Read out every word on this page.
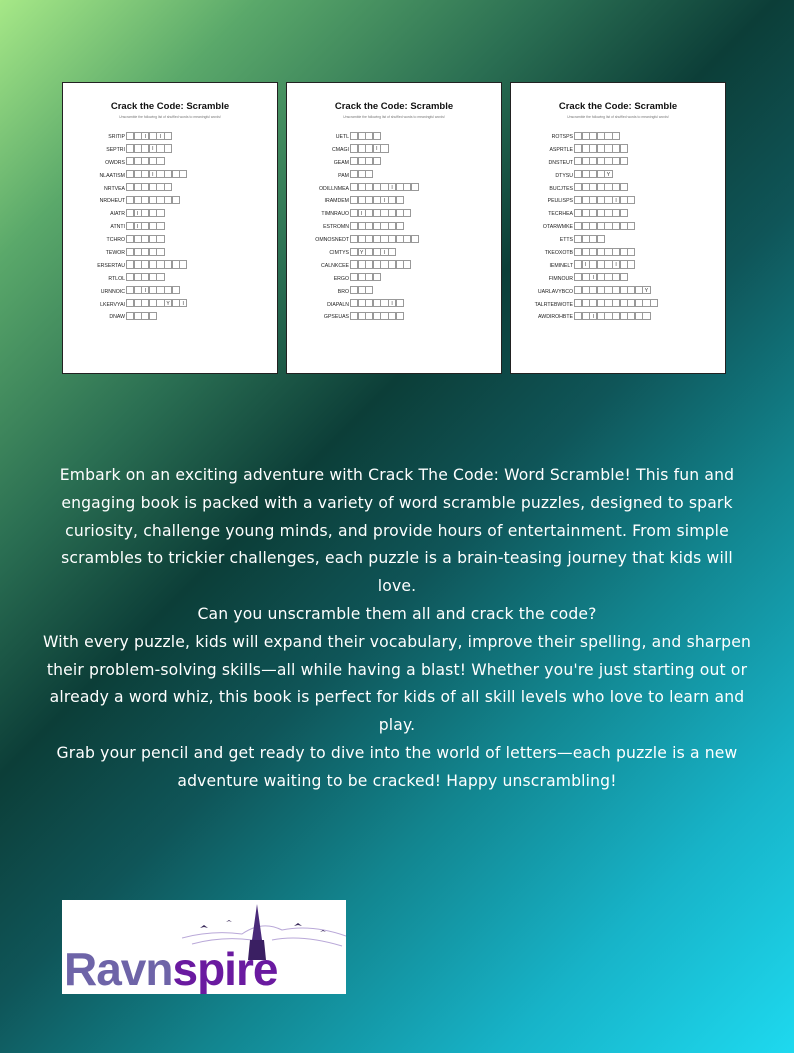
Crack the Code: Scramble
Unscramble the following list of shuffled words to meaningful words!
SRITIP	I	I
SEPTRI	I
OWDRS
NLAATISM	I
NRTVEA
NRDHEUT
AIATR	I
ATNTI	I
TCHRO
TEWOR
ERSERTAU
RTLOL
URNNOIC	I
LKERVYAI	Y	I
DNAW
Crack the Code: Scramble
Unscramble the following list of shuffled words to meaningful words!
UETL
CMAGI	I
GEAM
PAM
ODILLNMEA	I
IRAMDEM	I
TIMNRAUO	I
ESTROMN
OMNOSNEDT
CIMTYS	Y	I
CALNKCEE
ERGO
BRO
DIAPALN	I
GPSEUAS
Crack the Code: Scramble
Unscramble the following list of shuffled words to meaningful words!
ROTSPS
ASPRTLE
DNSTEUT
DTYSU	Y
BUCJTES
PEULISPS	I
TECRHEA
OTARWMKE
ETTS
TKEOXOTB
IEMINELT	I	I
FIMNOUR	I
UARLAVYBCO	Y
TALRTEBWOTE
AWDIROHBTE	I

Embark on an exciting adventure with Crack The Code: Word Scramble! This fun and engaging book is packed with a variety of word scramble puzzles, designed to spark curiosity, challenge young minds, and provide hours of entertainment. From simple scrambles to trickier challenges, each puzzle is a brain-teasing journey that kids will love.

Can you unscramble them all and crack the code?

With every puzzle, kids will expand their vocabulary, improve their spelling, and sharpen their problem-solving skills—all while having a blast! Whether you're just starting out or already a word whiz, this book is perfect for kids of all skill levels who love to learn and play.

Grab your pencil and get ready to dive into the world of letters—each puzzle is a new adventure waiting to be cracked! Happy unscrambling!

Ravnspire
